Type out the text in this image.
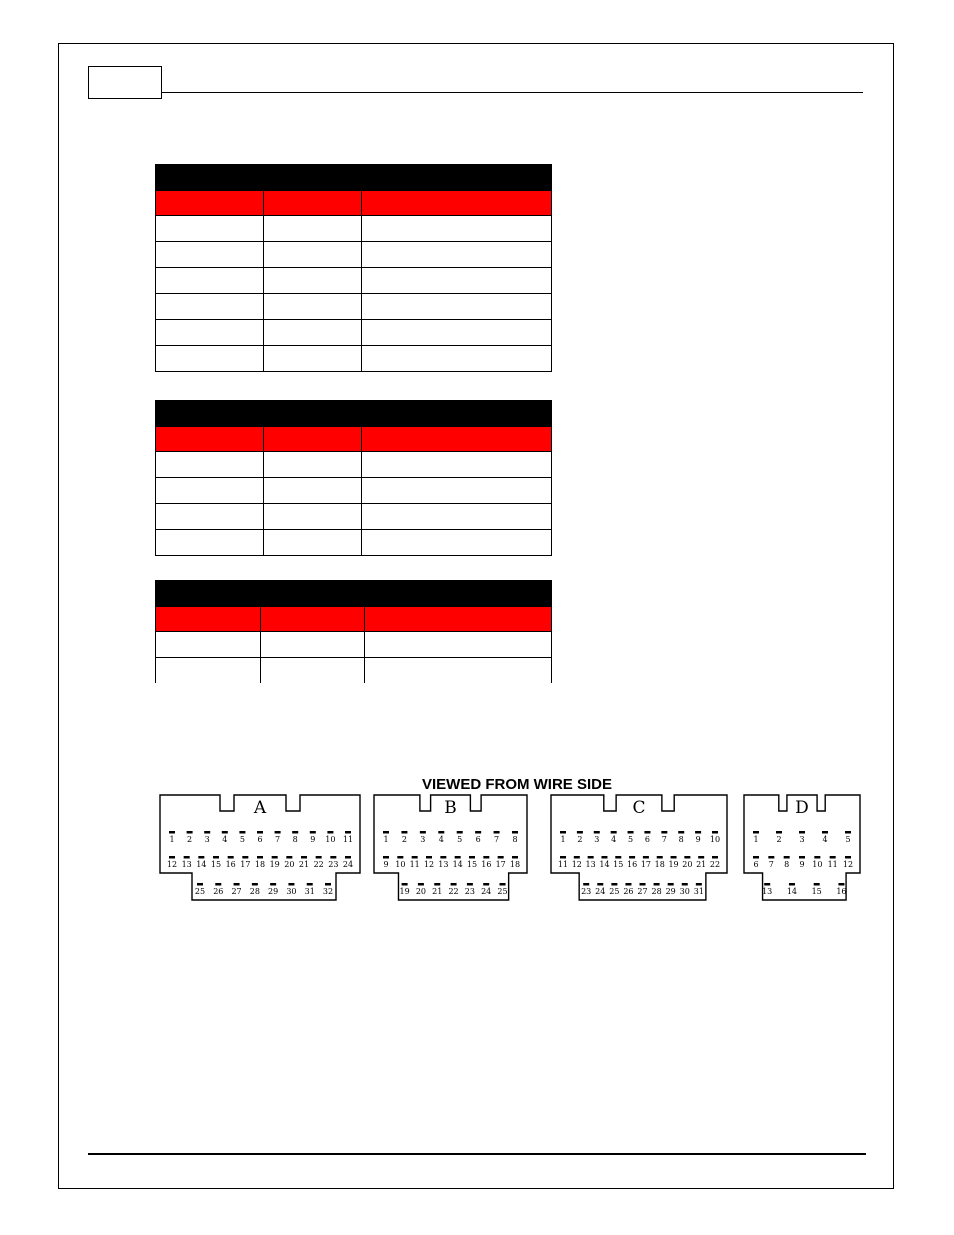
VIEWED FROM WIRE SIDE
A
1 2 3 4 5 6 7 8 9 10 11
12 13 14 15 16 17 18 19 20 21 22 23 24
25 26 27 28 29 30 31 32
B
1 2 3 4 5 6 7 8
9 10 11 12 13 14 15 16 17 18
19 20 21 22 23 24 25
C
1 2 3 4 5 6 7 8 9 10
11 12 13 14 15 16 17 18 19 20 21 22
23 24 25 26 27 28 29 30 31
D
1 2 3 4 5
6 7 8 9 10 11 12
13 14 15 16
